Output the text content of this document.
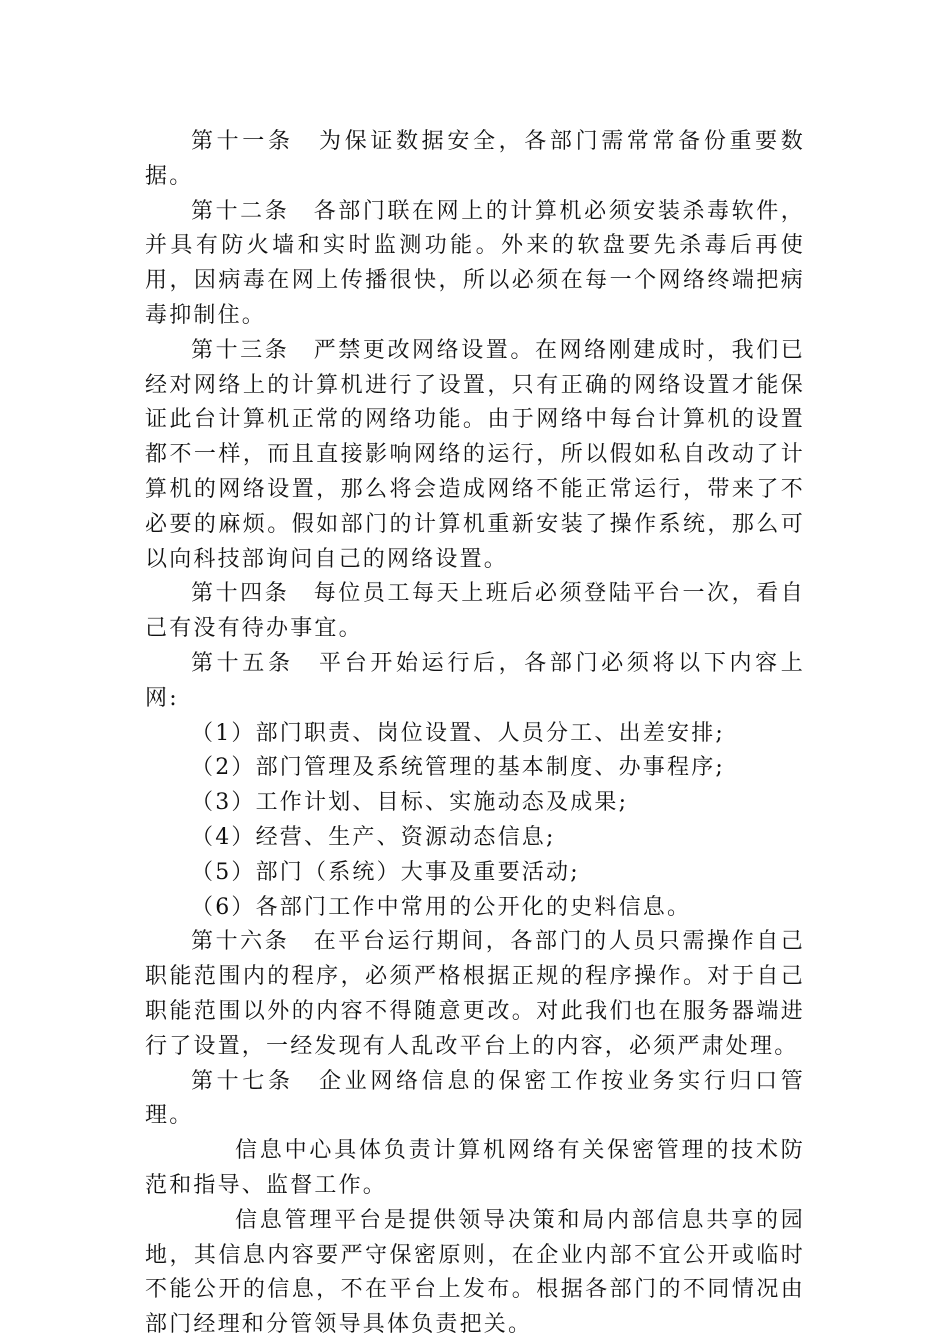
第十一条 为保证数据安全，各部门需常常备份重要数据。

第十二条 各部门联在网上的计算机必须安装杀毒软件，并具有防火墙和实时监测功能。外来的软盘要先杀毒后再使用，因病毒在网上传播很快，所以必须在每一个网络终端把病毒抑制住。

第十三条 严禁更改网络设置。在网络刚建成时，我们已经对网络上的计算机进行了设置，只有正确的网络设置才能保证此台计算机正常的网络功能。由于网络中每台计算机的设置都不一样，而且直接影响网络的运行，所以假如私自改动了计算机的网络设置，那么将会造成网络不能正常运行，带来了不必要的麻烦。假如部门的计算机重新安装了操作系统，那么可以向科技部询问自己的网络设置。

第十四条 每位员工每天上班后必须登陆平台一次，看自己有没有待办事宜。

第十五条 平台开始运行后，各部门必须将以下内容上网:

（1）部门职责、岗位设置、人员分工、出差安排;

（2）部门管理及系统管理的基本制度、办事程序;

（3）工作计划、目标、实施动态及成果;

（4）经营、生产、资源动态信息;

（5）部门（系统）大事及重要活动;

（6）各部门工作中常用的公开化的史料信息。

第十六条 在平台运行期间，各部门的人员只需操作自己职能范围内的程序，必须严格根据正规的程序操作。对于自己职能范围以外的内容不得随意更改。对此我们也在服务器端进行了设置，一经发现有人乱改平台上的内容，必须严肃处理。

第十七条 企业网络信息的保密工作按业务实行归口管理。

信息中心具体负责计算机网络有关保密管理的技术防范和指导、监督工作。

信息管理平台是提供领导决策和局内部信息共享的园地，其信息内容要严守保密原则，在企业内部不宜公开或临时不能公开的信息，不在平台上发布。根据各部门的不同情况由部门经理和分管领导具体负责把关。
